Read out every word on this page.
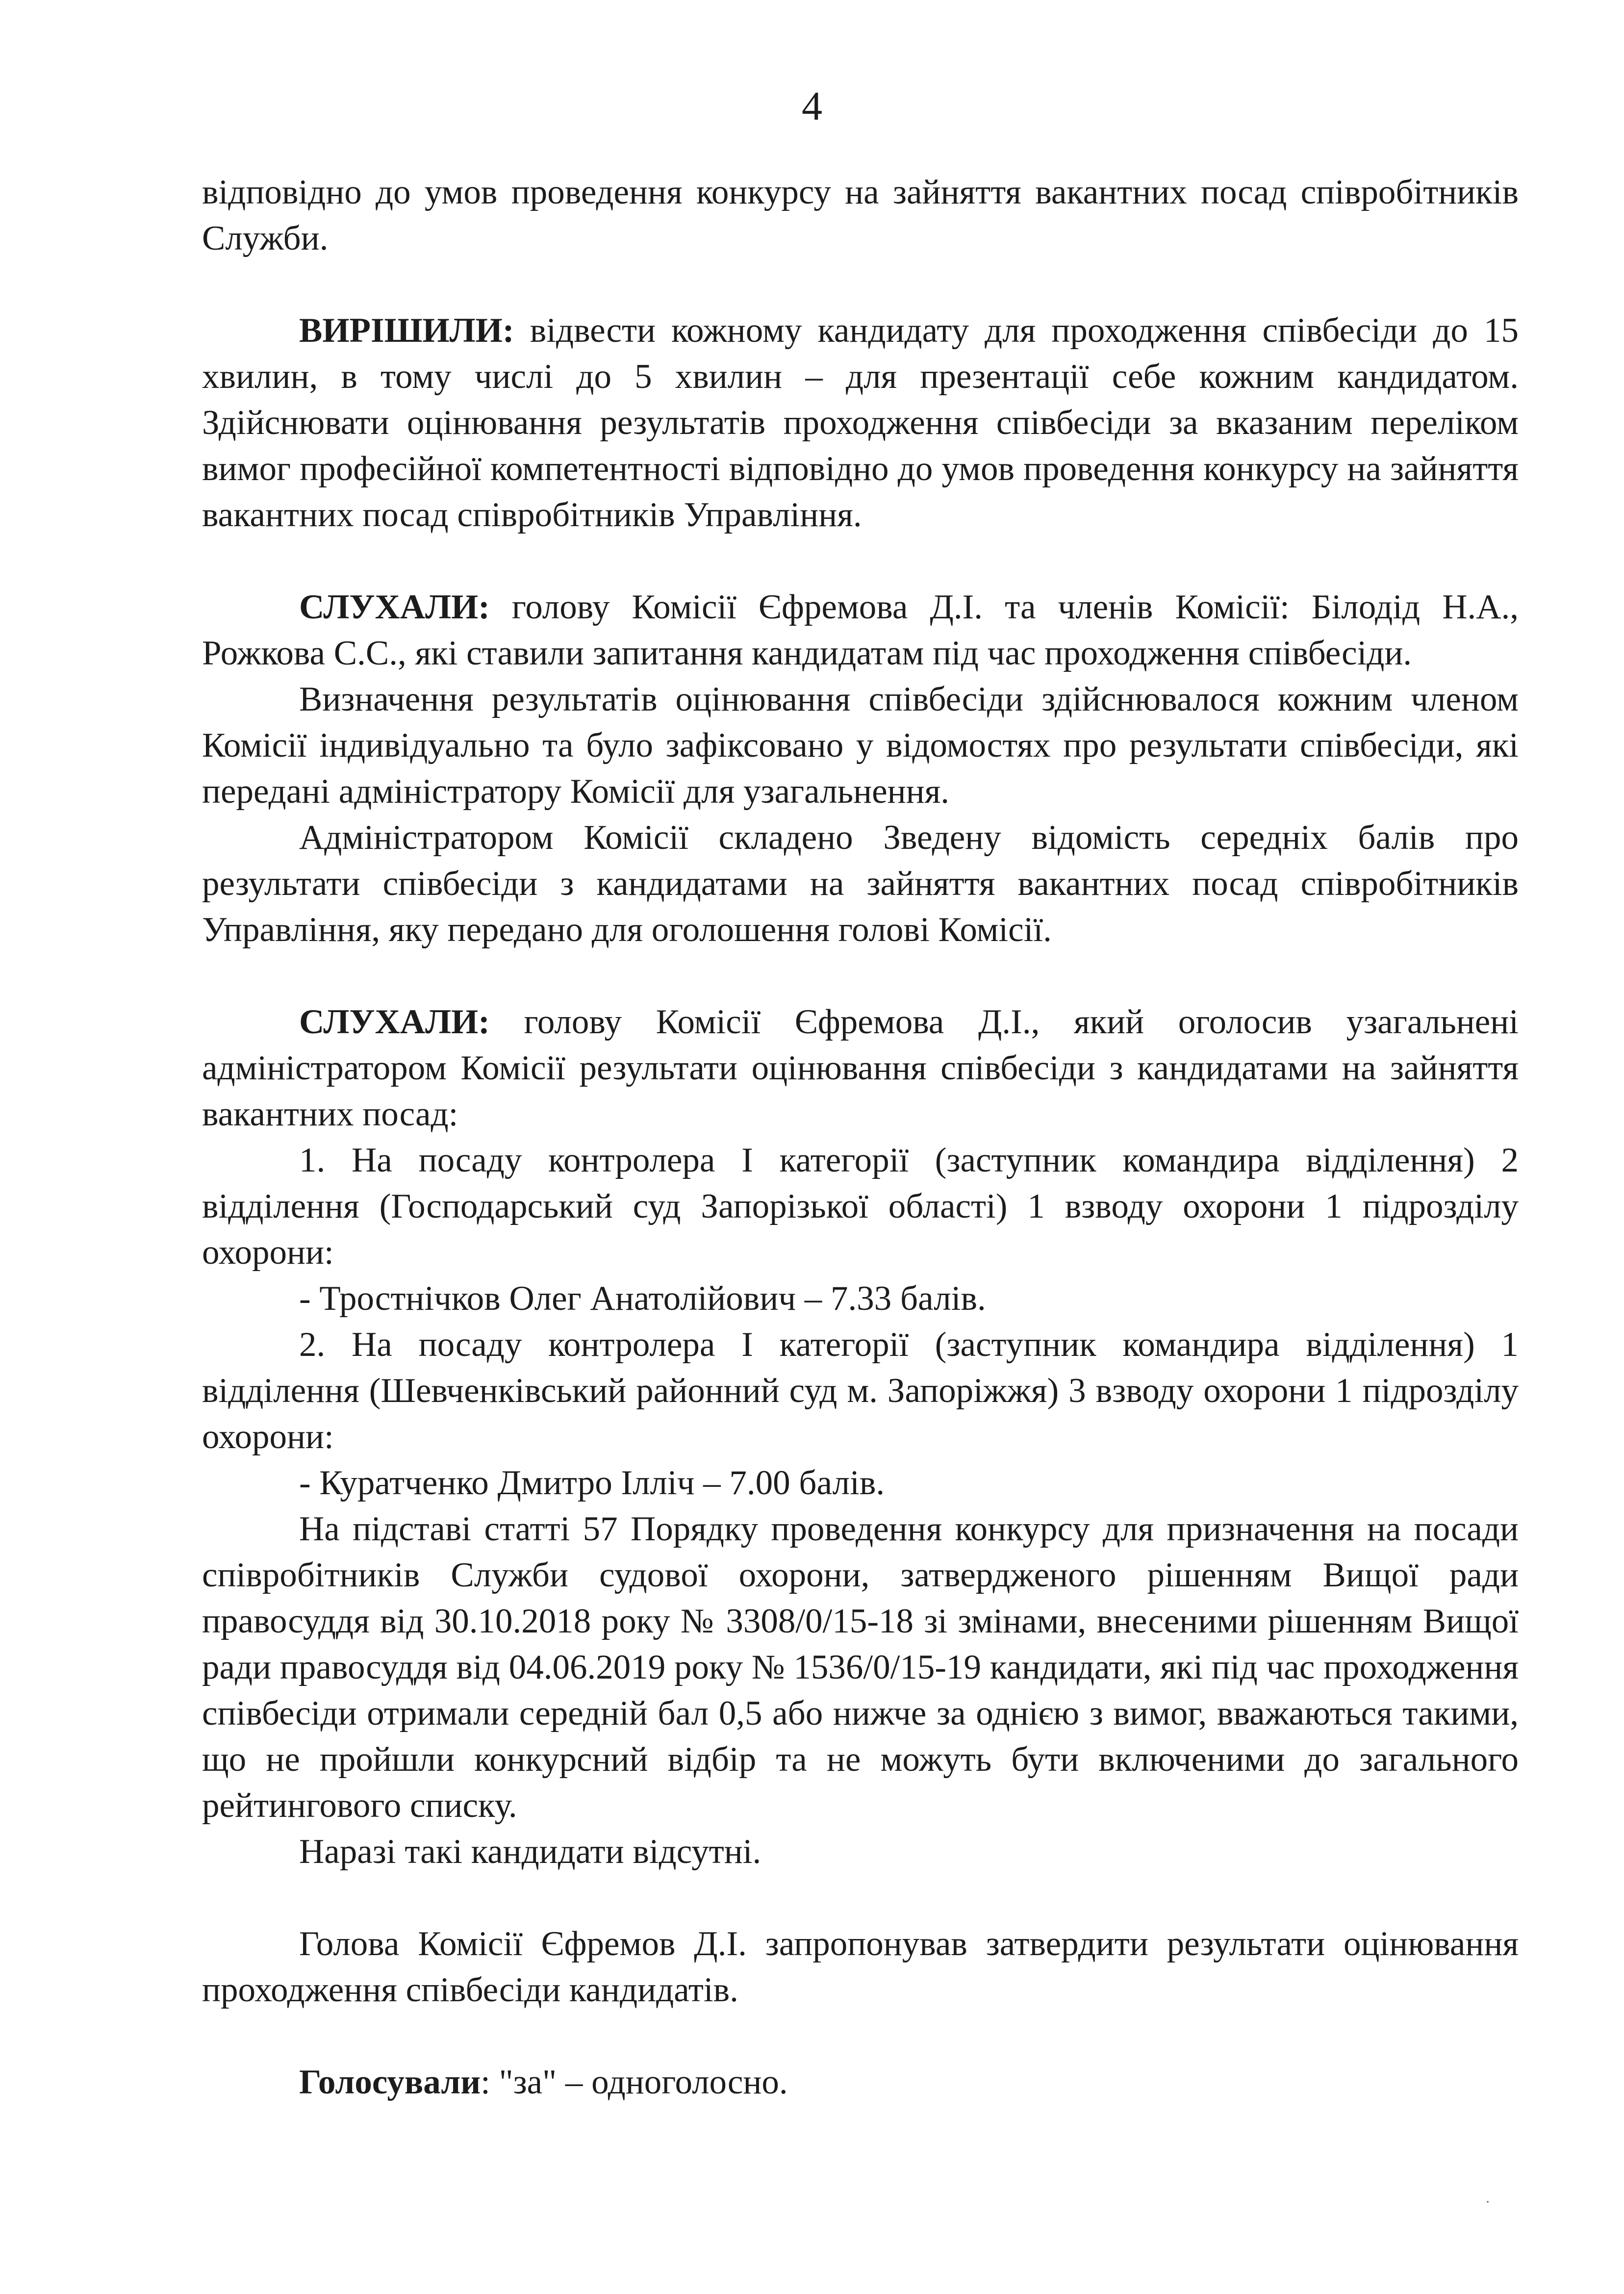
4

відповідно до умов проведення конкурсу на зайняття вакантних посад співробітників Служби.

ВИРІШИЛИ: відвести кожному кандидату для проходження співбесіди до 15 хвилин, в тому числі до 5 хвилин – для презентації себе кожним кандидатом. Здійснювати оцінювання результатів проходження співбесіди за вказаним переліком вимог професійної компетентності відповідно до умов проведення конкурсу на зайняття вакантних посад співробітників Управління.

СЛУХАЛИ: голову Комісії Єфремова Д.І. та членів Комісії: Білодід Н.А., Рожкова С.С., які ставили запитання кандидатам під час проходження співбесіди.

Визначення результатів оцінювання співбесіди здійснювалося кожним членом Комісії індивідуально та було зафіксовано у відомостях про результати співбесіди, які передані адміністратору Комісії для узагальнення.

Адміністратором Комісії складено Зведену відомість середніх балів про результати співбесіди з кандидатами на зайняття вакантних посад співробітників Управління, яку передано для оголошення голові Комісії.

СЛУХАЛИ: голову Комісії Єфремова Д.І., який оголосив узагальнені адміністратором Комісії результати оцінювання співбесіди з кандидатами на зайняття вакантних посад:

1. На посаду контролера І категорії (заступник командира відділення) 2 відділення (Господарський суд Запорізької області) 1 взводу охорони 1 підрозділу охорони:

- Тростнічков Олег Анатолійович – 7.33 балів.

2. На посаду контролера І категорії (заступник командира відділення) 1 відділення (Шевченківський районний суд м. Запоріжжя) 3 взводу охорони 1 підрозділу охорони:

- Куратченко Дмитро Ілліч – 7.00 балів.

На підставі статті 57 Порядку проведення конкурсу для призначення на посади співробітників Служби судової охорони, затвердженого рішенням Вищої ради правосуддя від 30.10.2018 року № 3308/0/15-18 зі змінами, внесеними рішенням Вищої ради правосуддя від 04.06.2019 року № 1536/0/15-19 кандидати, які під час проходження співбесіди отримали середній бал 0,5 або нижче за однією з вимог, вважаються такими, що не пройшли конкурсний відбір та не можуть бути включеними до загального рейтингового списку.

Наразі такі кандидати відсутні.

Голова Комісії Єфремов Д.І. запропонував затвердити результати оцінювання проходження співбесіди кандидатів.

Голосували: "за" – одноголосно.
